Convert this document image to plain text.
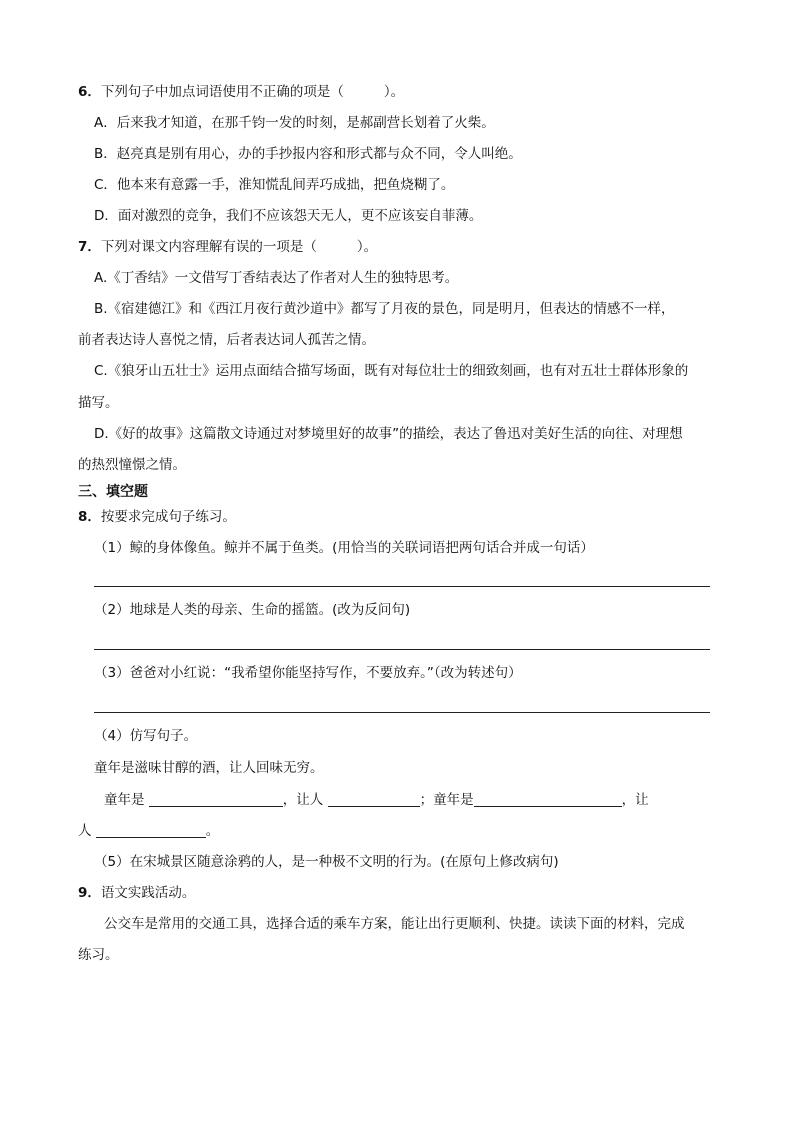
6．下列句子中加点词语使用不正确的项是（	）。
A．后来我才知道，在那千钧一发的时刻，是郝副营长划着了火柴。
B．赵亮真是别有用心，办的手抄报内容和形式都与众不同，令人叫绝。
C．他本来有意露一手，淮知慌乱间弄巧成拙，把鱼烧糊了。
D．面对激烈的竞争，我们不应该怨天无人，更不应该妄自菲薄。
7．下列对课文内容理解有误的一项是（	）。
A.《丁香结》一文借写丁香结表达了作者对人生的独特思考。
B.《宿建德江》和《西江月夜行黄沙道中》都写了月夜的景色，同是明月，但表达的情感不一样，
前者表达诗人喜悦之情，后者表达词人孤苦之情。
C.《狼牙山五壮士》运用点面结合描写场面，既有对每位壮士的细致刻画，也有对五壮士群体形象的
描写。
D.《好的故事》这篇散文诗通过对梦境里好的故事”的描绘，表达了鲁迅对美好生活的向往、对理想
的热烈憧憬之情。
三、填空题
8．按要求完成句子练习。
（1）鲸的身体像鱼。鲸并不属于鱼类。(用恰当的关联词语把两句话合并成一句话）
（2）地球是人类的母亲、生命的摇篮。(改为反问句)
（3）爸爸对小红说：“我希望你能坚持写作，不要放弃。”（改为转述句）
（4）仿写句子。
童年是滋味甘醇的酒，让人回味无穷。
童年是	，让人	；童年是	，让
人	。
（5）在宋城景区随意涂鸦的人，是一种极不文明的行为。(在原句上修改病句)
9．语文实践活动。
公交车是常用的交通工具，选择合适的乘车方案，能让出行更顺利、快捷。读读下面的材料，完成
练习。
